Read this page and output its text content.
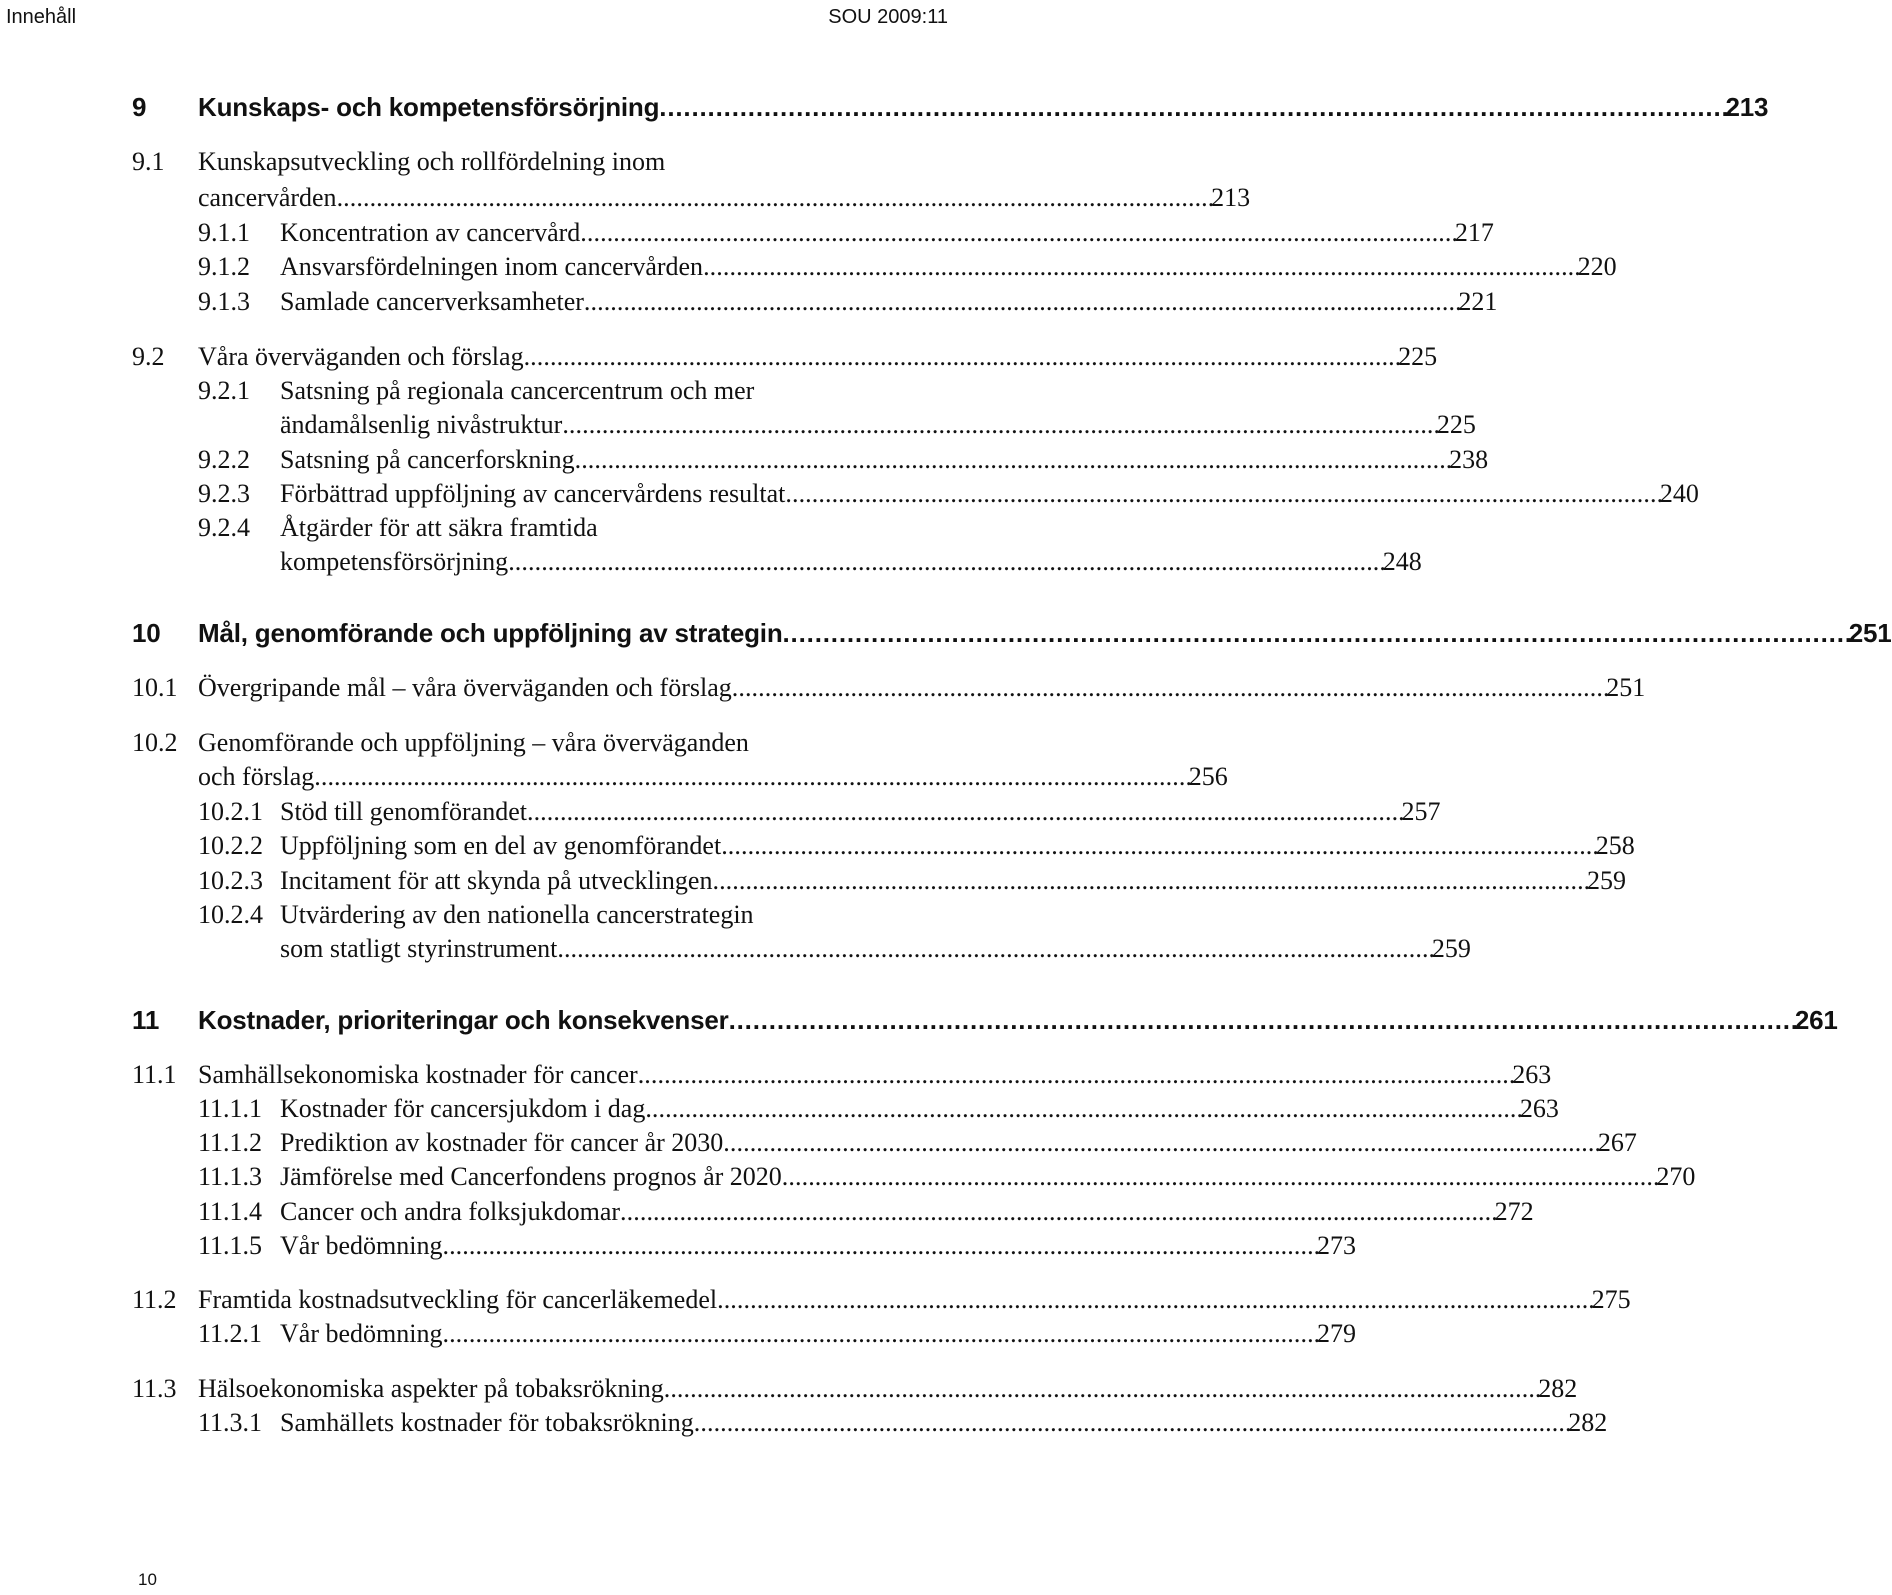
Innehåll	SOU 2009:11
9 Kunskaps- och kompetensförsörjning . . .	213
9.1 Kunskapsutveckling och rollfördelning inom
cancervården . . .	213
9.1.1 Koncentration av cancervård . . .	217
9.1.2 Ansvarsfördelningen inom cancervården . . .	220
9.1.3 Samlade cancerverksamheter . . .	221
9.2 Våra överväganden och förslag . . .	225
9.2.1 Satsning på regionala cancercentrum och mer
ändamålsenlig nivåstruktur . . .	225
9.2.2 Satsning på cancerforskning . . .	238
9.2.3 Förbättrad uppföljning av cancervårdens resultat . . .	240
9.2.4 Åtgärder för att säkra framtida
kompetensförsörjning . . .	248
10 Mål, genomförande och uppföljning av strategin . . .	251
10.1 Övergripande mål – våra överväganden och förslag . . .	251
10.2 Genomförande och uppföljning – våra överväganden
och förslag . . .	256
10.2.1 Stöd till genomförandet . . .	257
10.2.2 Uppföljning som en del av genomförandet . . .	258
10.2.3 Incitament för att skynda på utvecklingen . . .	259
10.2.4 Utvärdering av den nationella cancerstrategin
som statligt styrinstrument . . .	259
11 Kostnader, prioriteringar och konsekvenser . . .	261
11.1 Samhällsekonomiska kostnader för cancer . . .	263
11.1.1 Kostnader för cancersjukdom i dag . . .	263
11.1.2 Prediktion av kostnader för cancer år 2030 . . .	267
11.1.3 Jämförelse med Cancerfondens prognos år 2020 . . .	270
11.1.4 Cancer och andra folksjukdomar . . .	272
11.1.5 Vår bedömning . . .	273
11.2 Framtida kostnadsutveckling för cancerläkemedel . . .	275
11.2.1 Vår bedömning . . .	279
11.3 Hälsoekonomiska aspekter på tobaksrökning . . .	282
11.3.1 Samhällets kostnader för tobaksrökning . . .	282
10
